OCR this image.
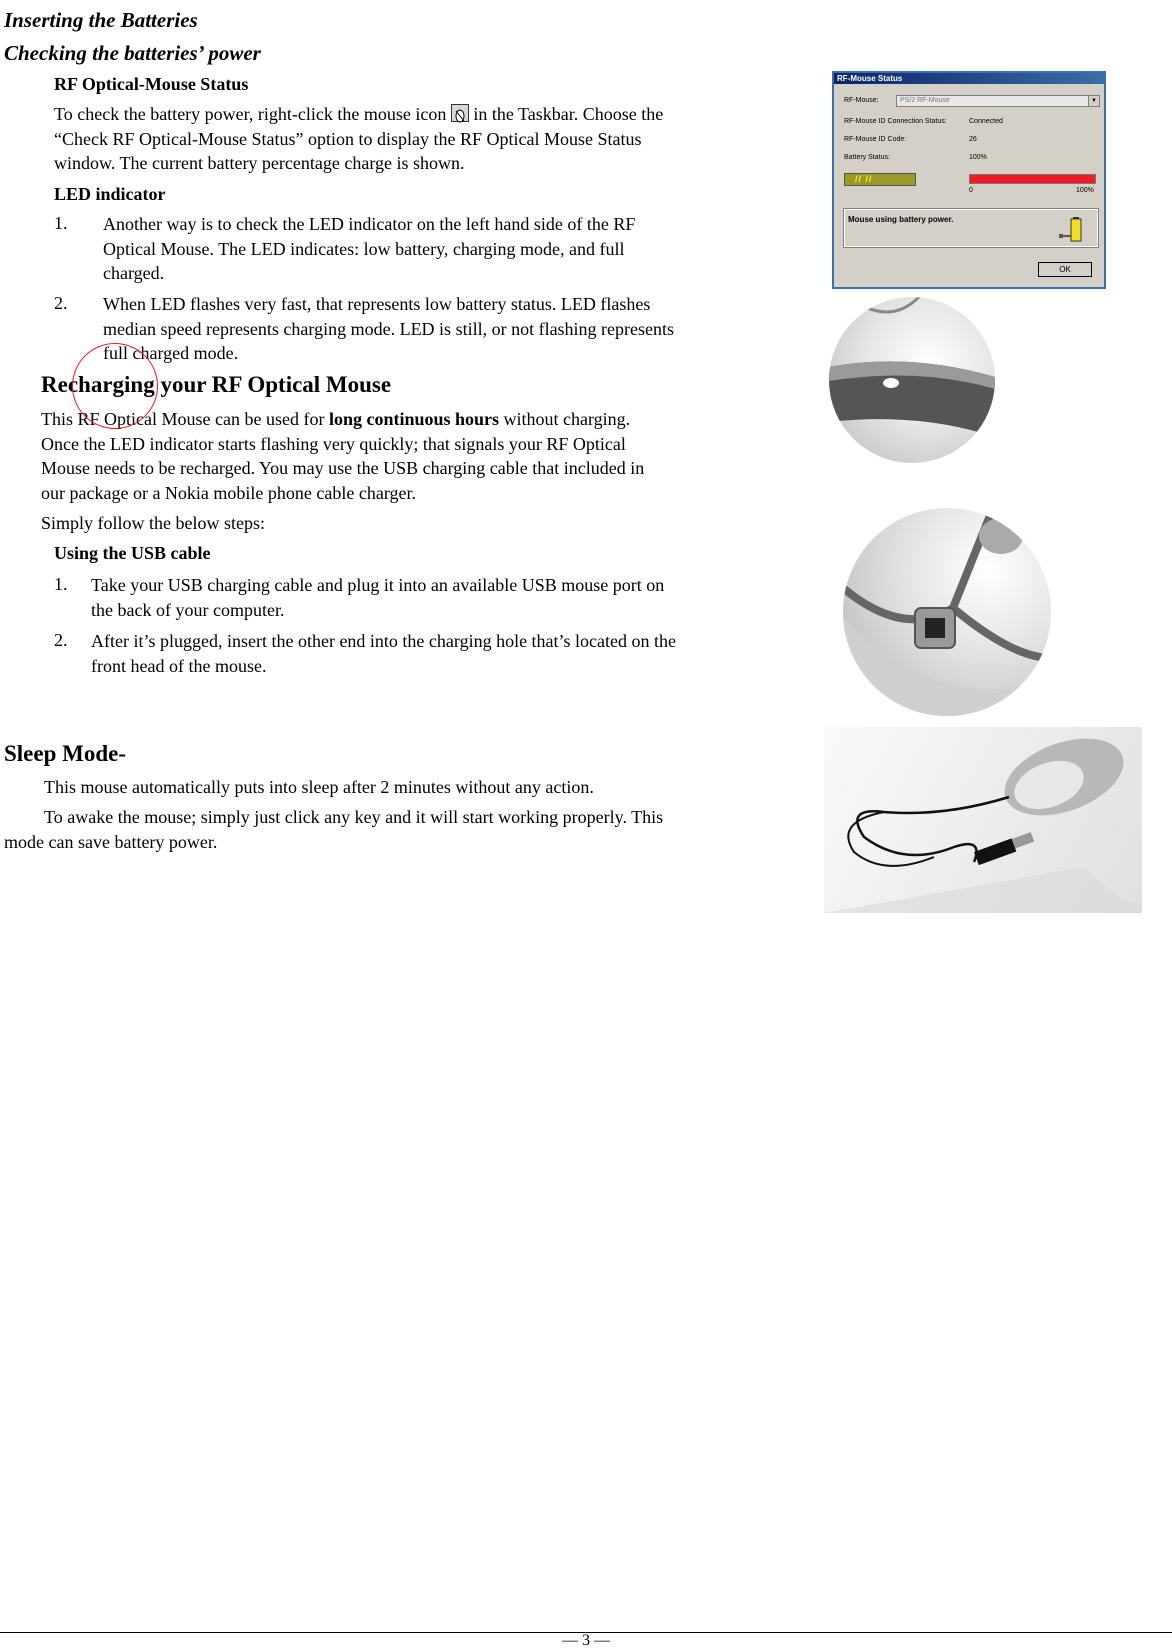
Inserting the Batteries
Checking the batteries’ power
RF Optical-Mouse Status
To check the battery power, right-click the mouse icon in the Taskbar. Choose the
“Check RF Optical-Mouse Status” option to display the RF Optical Mouse Status
window. The current battery percentage charge is shown.
LED indicator
1. Another way is to check the LED indicator on the left hand side of the RF
Optical Mouse. The LED indicates: low battery, charging mode, and full
charged.
2. When LED flashes very fast, that represents low battery status. LED flashes
median speed represents charging mode. LED is still, or not flashing represents
full charged mode.
Recharging your RF Optical Mouse
This RF Optical Mouse can be used for long continuous hours without charging.
Once the LED indicator starts flashing very quickly; that signals your RF Optical
Mouse needs to be recharged. You may use the USB charging cable that included in
our package or a Nokia mobile phone cable charger.
Simply follow the below steps:
Using the USB cable
1. Take your USB charging cable and plug it into an available USB mouse port on
the back of your computer.
2. After it’s plugged, insert the other end into the charging hole that’s located on the
front head of the mouse.
Sleep Mode-
This mouse automatically puts into sleep after 2 minutes without any action.
To awake the mouse; simply just click any key and it will start working properly. This
mode can save battery power.
RF-Mouse Status
RF-Mouse:	PS/2 RF-Mouse	▼
RF-Mouse ID Connection Status:	Connected
RF-Mouse ID Code:	26
Battery Status:	100%
// //
0	100%
Mouse using battery power.
OK
— 3 —
